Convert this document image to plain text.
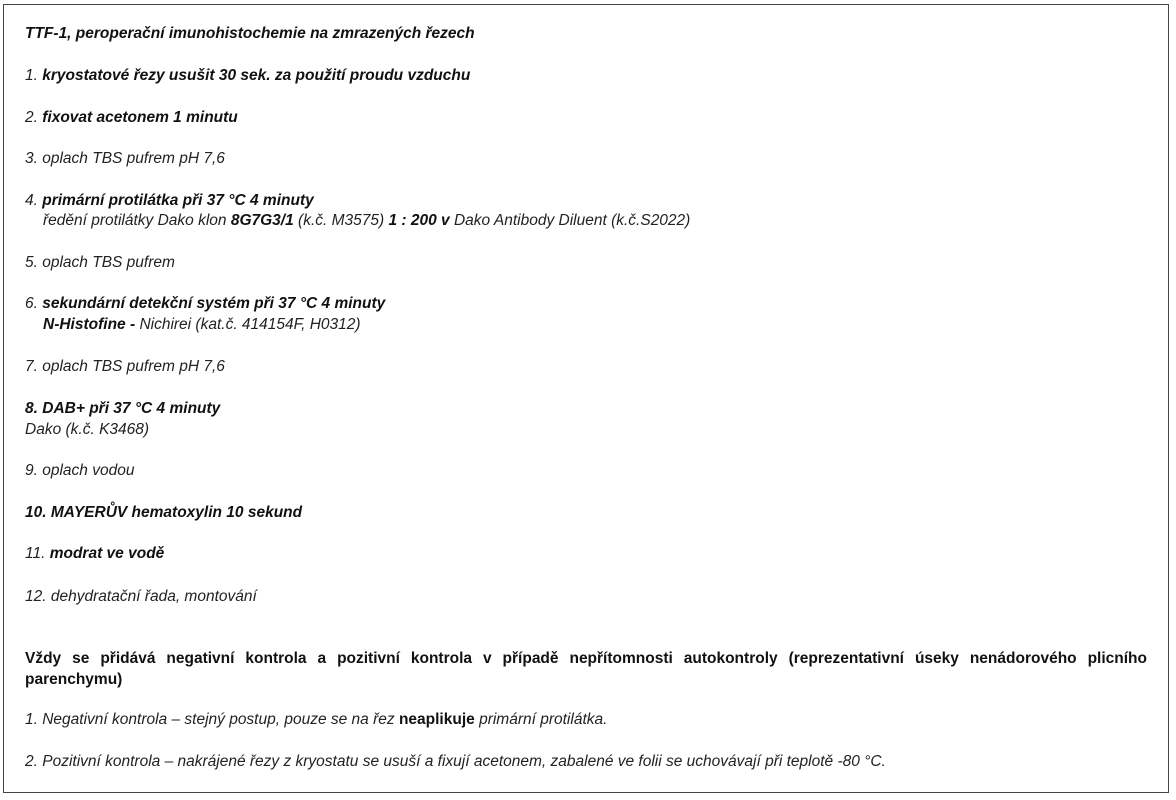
TTF-1, peroperační imunohistochemie na zmrazených řezech
1. kryostatové řezy usušit 30 sek. za použití proudu vzduchu
2. fixovat acetonem 1 minutu
3. oplach TBS pufrem pH 7,6
4. primární protilátka při 37 °C 4 minuty
ředění protilátky Dako klon 8G7G3/1 (k.č. M3575) 1 : 200 v Dako Antibody Diluent (k.č.S2022)
5. oplach TBS pufrem
6. sekundární detekční systém při 37 °C 4 minuty
N-Histofine - Nichirei (kat.č. 414154F, H0312)
7. oplach TBS pufrem pH 7,6
8. DAB+ při 37 °C 4 minuty
Dako (k.č. K3468)
9. oplach vodou
10. MAYERŮV hematoxylin 10 sekund
11. modrat ve vodě
12. dehydratační řada, montování
Vždy se přidává negativní kontrola a pozitivní kontrola v případě nepřítomnosti autokontroly (reprezentativní úseky nenádorového plicního parenchymu)
1. Negativní kontrola – stejný postup, pouze se na řez neaplikuje primární protilátka.
2. Pozitivní kontrola – nakrájené řezy z kryostatu se usuší a fixují acetonem, zabalené ve folii se uchovávají při teplotě -80 °C.
